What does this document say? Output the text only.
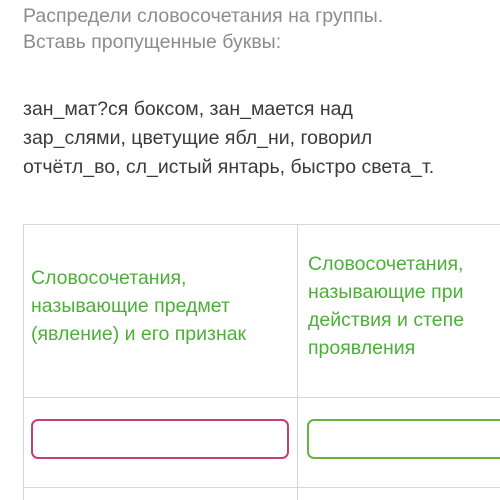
Распредели словосочетания на группы.
Вставь пропущенные буквы:
зан_мат?ся боксом, зан_мается над
зар_слями, цветущие ябл_ни, говорил
отчётл_во, сл_истый янтарь, быстро света_т.
Словосочетания,
называющие предмет
(явление) и его признак
Словосочетания,
называющие при
действия и степе
проявления
